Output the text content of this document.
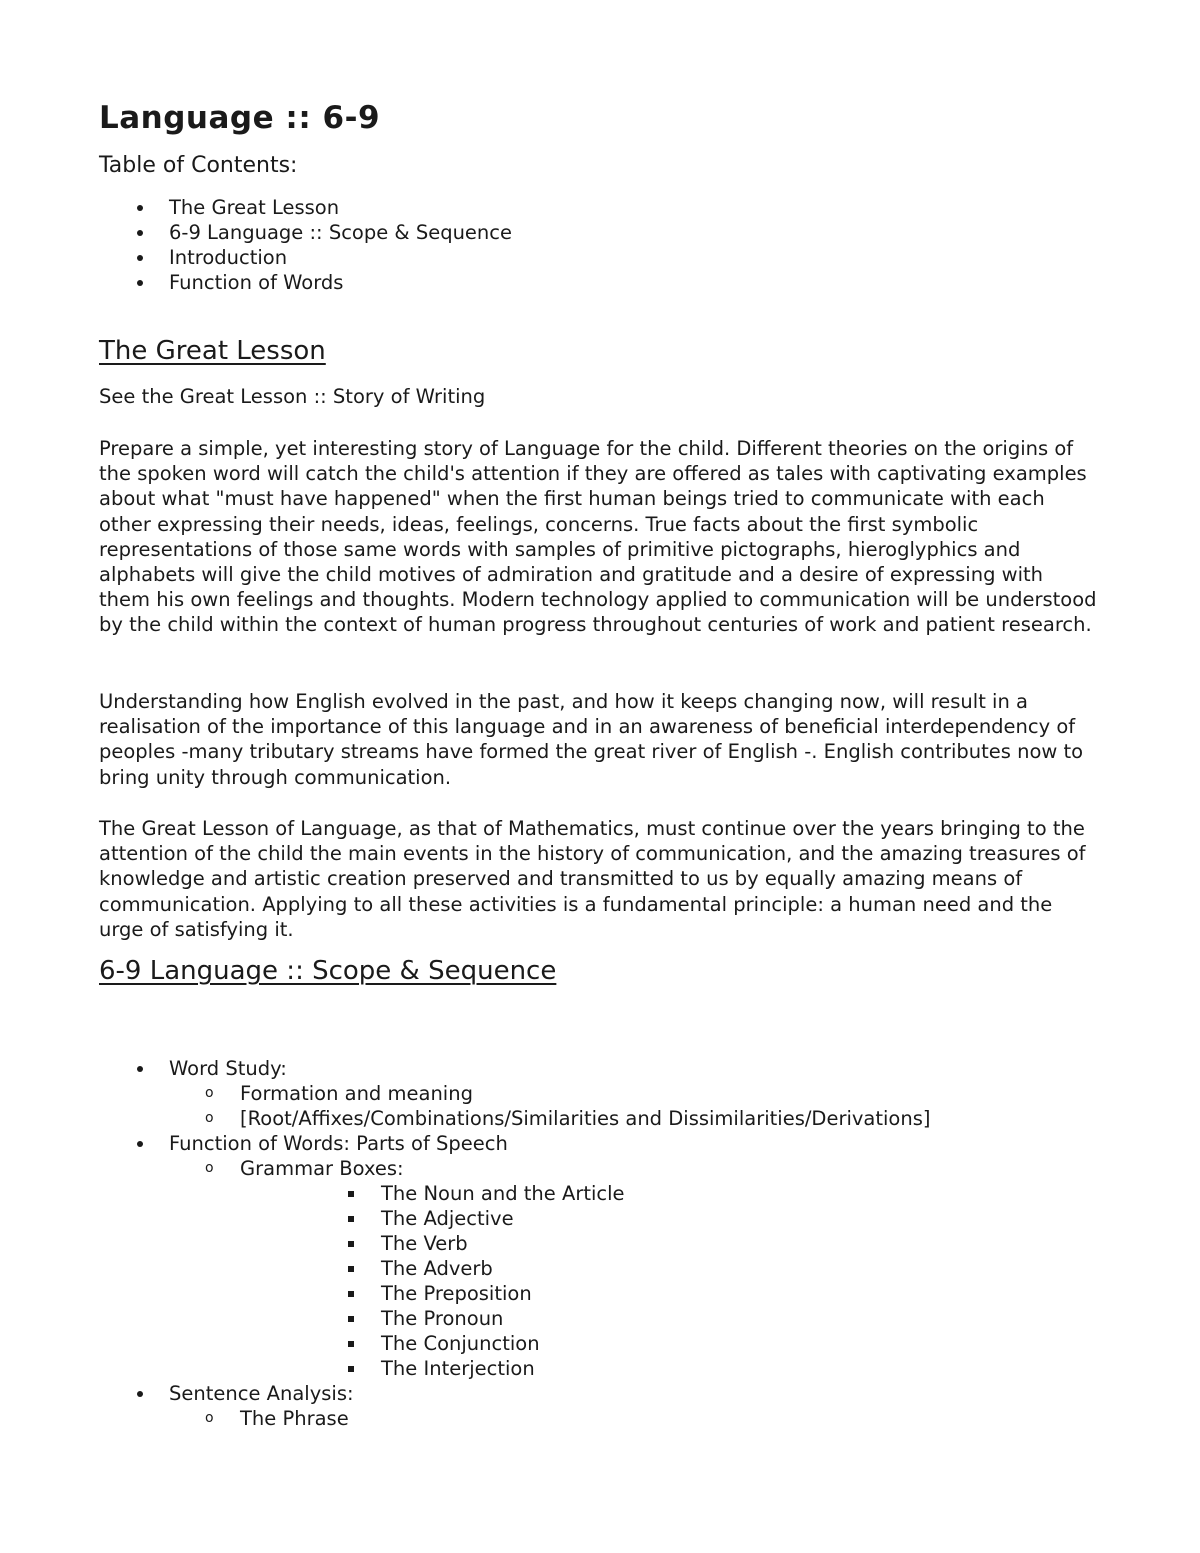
Language :: 6-9
Table of Contents:
The Great Lesson
6-9 Language :: Scope & Sequence
Introduction
Function of Words
The Great Lesson

See the Great Lesson :: Story of Writing

Prepare a simple, yet interesting story of Language for the child. Different theories on the origins of the spoken word will catch the child's attention if they are offered as tales with captivating examples about what "must have happened" when the first human beings tried to communicate with each other expressing their needs, ideas, feelings, concerns. True facts about the first symbolic representations of those same words with samples of primitive pictographs, hieroglyphics and alphabets will give the child motives of admiration and gratitude and a desire of expressing with them his own feelings and thoughts. Modern technology applied to communication will be understood by the child within the context of human progress throughout centuries of work and patient research.

Understanding how English evolved in the past, and how it keeps changing now, will result in a realisation of the importance of this language and in an awareness of beneficial interdependency of peoples -many tributary streams have formed the great river of English -. English contributes now to bring unity through communication.

The Great Lesson of Language, as that of Mathematics, must continue over the years bringing to the attention of the child the main events in the history of communication, and the amazing treasures of knowledge and artistic creation preserved and transmitted to us by equally amazing means of communication. Applying to all these activities is a fundamental principle: a human need and the urge of satisfying it.

6-9 Language :: Scope & Sequence
Word Study:
o Formation and meaning
o [Root/Affixes/Combinations/Similarities and Dissimilarities/Derivations]
Function of Words: Parts of Speech
o Grammar Boxes:
The Noun and the Article
The Adjective
The Verb
The Adverb
The Preposition
The Pronoun
The Conjunction
The Interjection
Sentence Analysis:
o The Phrase
